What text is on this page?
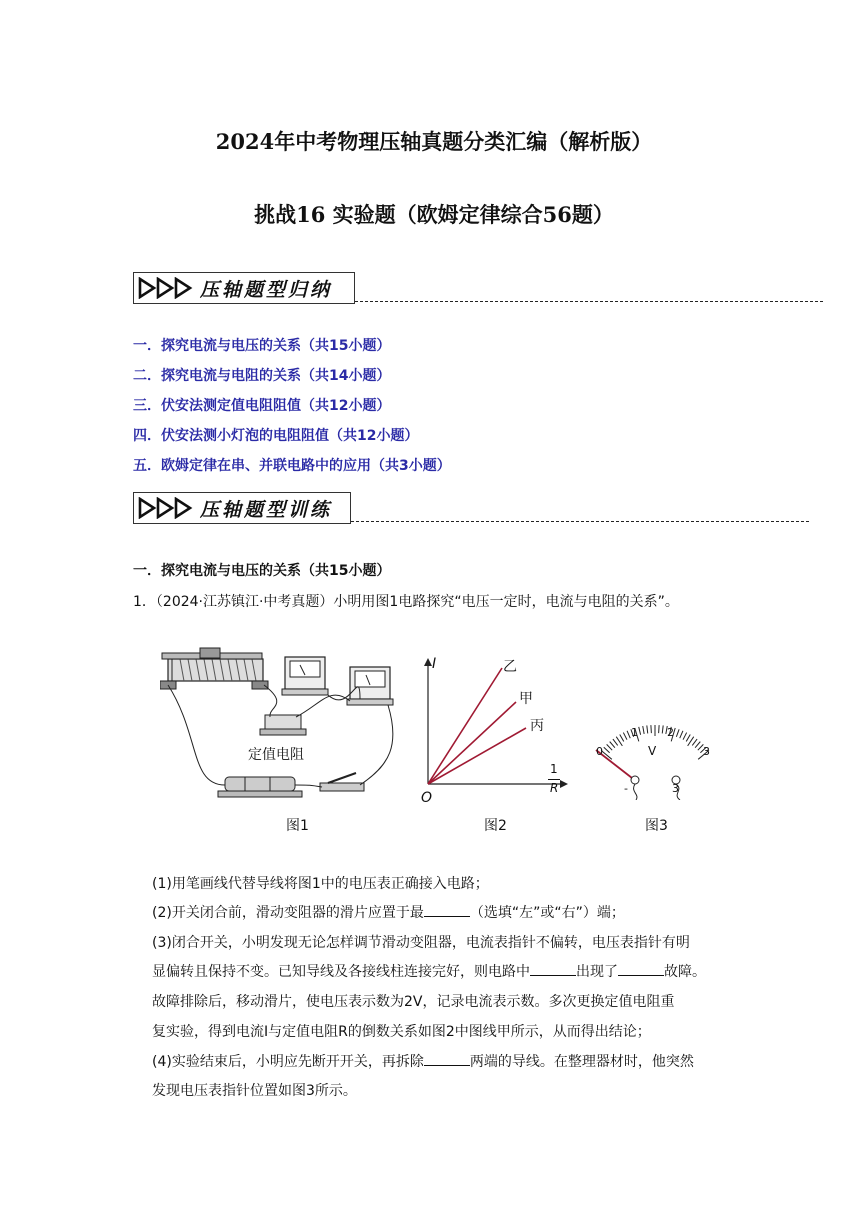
2024年中考物理压轴真题分类汇编（解析版）
挑战16 实验题（欧姆定律综合56题）
压轴题型归纳
一．探究电流与电压的关系（共15小题）
二．探究电流与电阻的关系（共14小题）
三．伏安法测定值电阻阻值（共12小题）
四．伏安法测小灯泡的电阻阻值（共12小题）
五．欧姆定律在串、并联电路中的应用（共3小题）
压轴题型训练
一．探究电流与电压的关系（共15小题）
1．（2024·江苏镇江·中考真题）小明用图1电路探究“电压一定时，电流与电阻的关系”。
定值电阻
图1
I	乙
甲
丙
1
R
O
图2
0
1	2
3
V
-	3
图3
(1)用笔画线代替导线将图1中的电压表正确接入电路；
(2)开关闭合前，滑动变阻器的滑片应置于最	（选填“左”或“右”）端；
(3)闭合开关，小明发现无论怎样调节滑动变阻器，电流表指针不偏转，电压表指针有明
显偏转且保持不变。已知导线及各接线柱连接完好，则电路中	出现了	故障。
故障排除后，移动滑片，使电压表示数为2V，记录电流表示数。多次更换定值电阻重
复实验，得到电流I与定值电阻R的倒数关系如图2中图线甲所示，从而得出结论；
(4)实验结束后，小明应先断开开关，再拆除	两端的导线。在整理器材时，他突然
发现电压表指针位置如图3所示。
